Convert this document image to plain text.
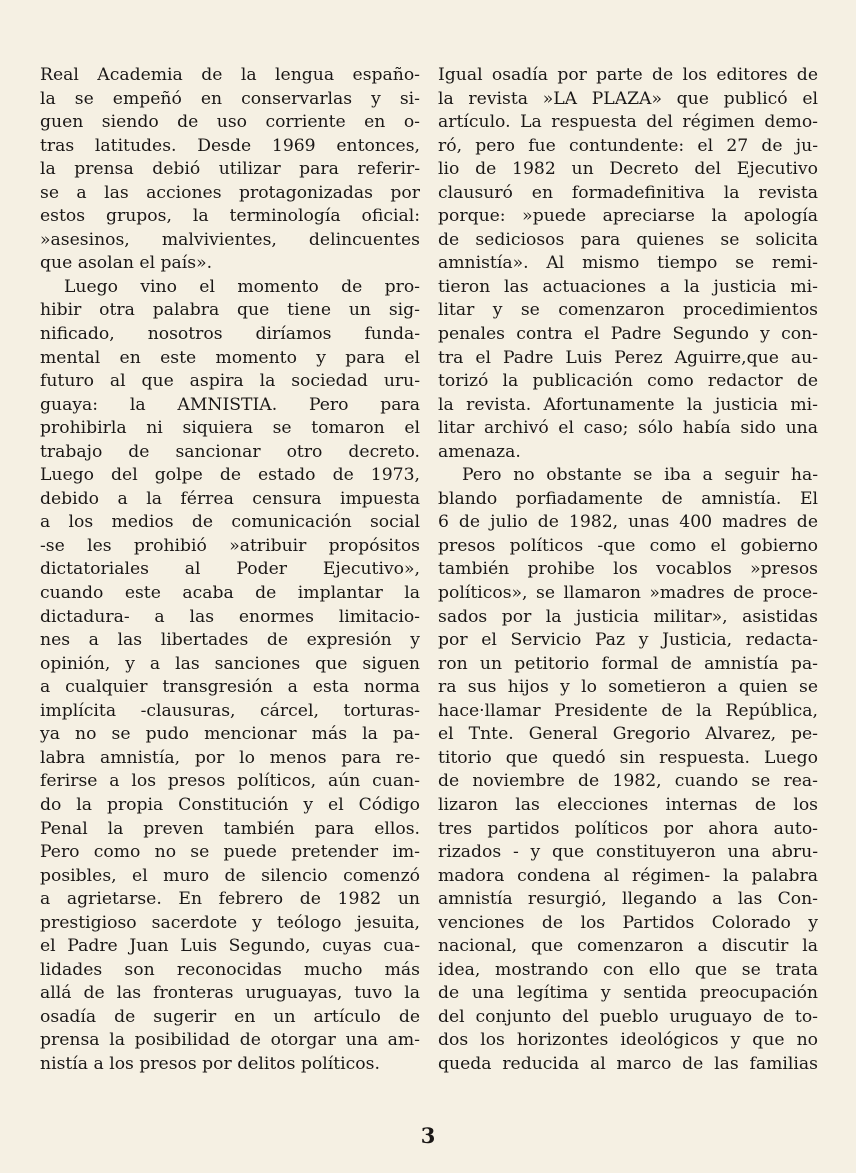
Real Academia de la lengua españo-
la se empeñó en conservarlas y si-
guen siendo de uso corriente en o-
tras latitudes. Desde 1969 entonces,
la prensa debió utilizar para referir-
se a las acciones protagonizadas por
estos grupos, la terminología oficial:
»asesinos, malvivientes, delincuentes
que asolan el país».
Luego vino el momento de pro-
hibir otra palabra que tiene un sig-
nificado, nosotros diríamos funda-
mental en este momento y para el
futuro al que aspira la sociedad uru-
guaya: la AMNISTIA. Pero para
prohibirla ni siquiera se tomaron el
trabajo de sancionar otro decreto.
Luego del golpe de estado de 1973,
debido a la férrea censura impuesta
a los medios de comunicación social
-se les prohibió »atribuir propósitos
dictatoriales al Poder Ejecutivo»,
cuando este acaba de implantar la
dictadura- a las enormes limitacio-
nes a las libertades de expresión y
opinión, y a las sanciones que siguen
a cualquier transgresión a esta norma
implícita -clausuras, cárcel, torturas-
ya no se pudo mencionar más la pa-
labra amnistía, por lo menos para re-
ferirse a los presos políticos, aún cuan-
do la propia Constitución y el Código
Penal la preven también para ellos.
Pero como no se puede pretender im-
posibles, el muro de silencio comenzó
a agrietarse. En febrero de 1982 un
prestigioso sacerdote y teólogo jesuita,
el Padre Juan Luis Segundo, cuyas cua-
lidades son reconocidas mucho más
allá de las fronteras uruguayas, tuvo la
osadía de sugerir en un artículo de
prensa la posibilidad de otorgar una am-
nistía a los presos por delitos políticos.
Igual osadía por parte de los editores de
la revista »LA PLAZA» que publicó el
artículo. La respuesta del régimen demo-
ró, pero fue contundente: el 27 de ju-
lio de 1982 un Decreto del Ejecutivo
clausuró en formadefinitiva la revista
porque: »puede apreciarse la apología
de sediciosos para quienes se solicita
amnistía». Al mismo tiempo se remi-
tieron las actuaciones a la justicia mi-
litar y se comenzaron procedimientos
penales contra el Padre Segundo y con-
tra el Padre Luis Perez Aguirre,que au-
torizó la publicación como redactor de
la revista. Afortunamente la justicia mi-
litar archivó el caso; sólo había sido una
amenaza.
Pero no obstante se iba a seguir ha-
blando porfiadamente de amnistía. El
6 de julio de 1982, unas 400 madres de
presos políticos -que como el gobierno
también prohibe los vocablos »presos
políticos», se llamaron »madres de proce-
sados por la justicia militar», asistidas
por el Servicio Paz y Justicia, redacta-
ron un petitorio formal de amnistía pa-
ra sus hijos y lo sometieron a quien se
hace·llamar Presidente de la República,
el Tnte. General Gregorio Alvarez, pe-
titorio que quedó sin respuesta. Luego
de noviembre de 1982, cuando se rea-
lizaron las elecciones internas de los
tres partidos políticos por ahora auto-
rizados - y que constituyeron una abru-
madora condena al régimen- la palabra
amnistía resurgió, llegando a las Con-
venciones de los Partidos Colorado y
nacional, que comenzaron a discutir la
idea, mostrando con ello que se trata
de una legítima y sentida preocupación
del conjunto del pueblo uruguayo de to-
dos los horizontes ideológicos y que no
queda reducida al marco de las familias
3
